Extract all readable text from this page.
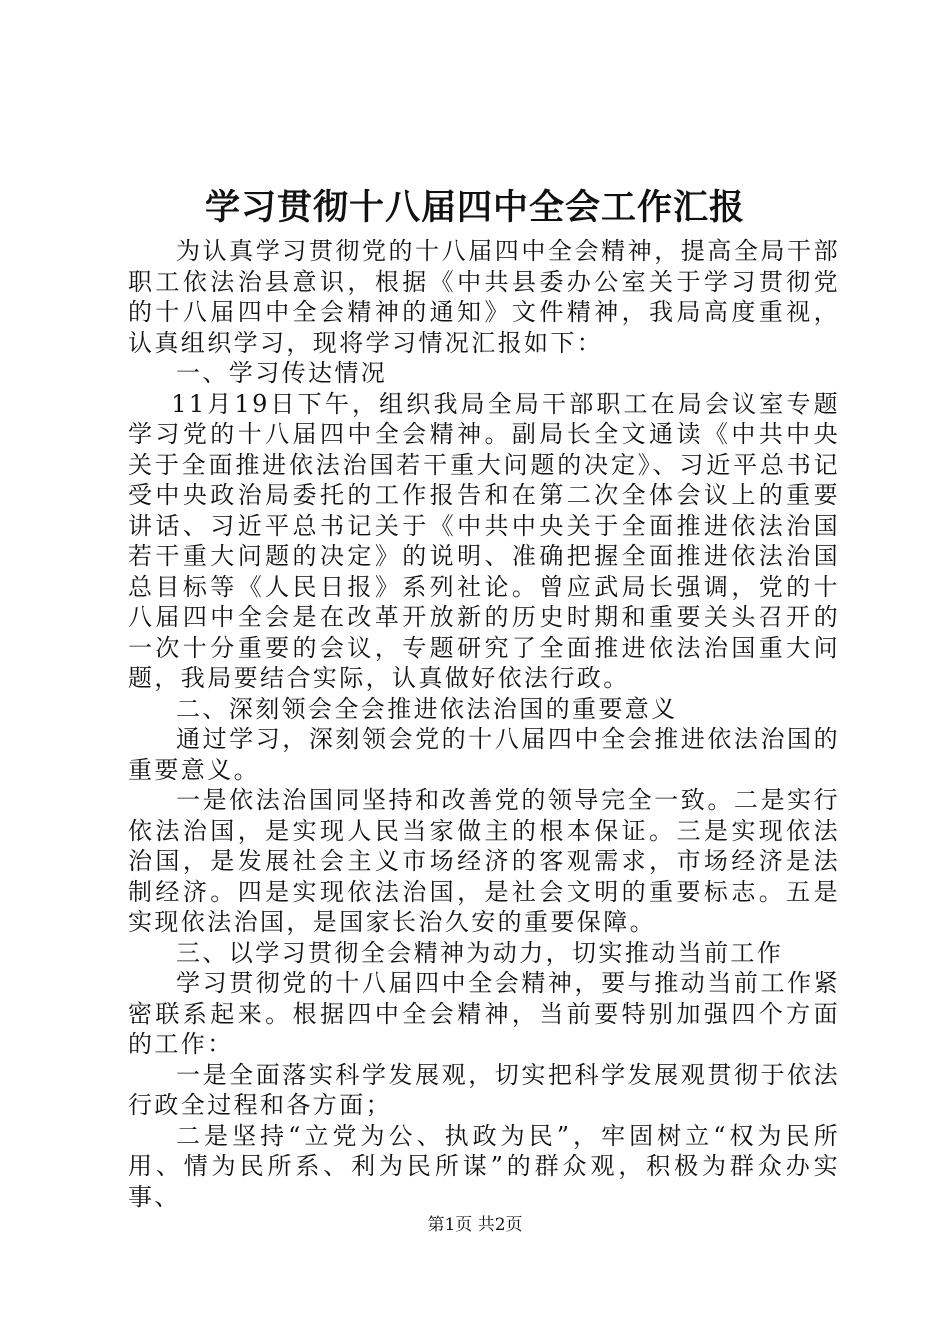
学习贯彻十八届四中全会工作汇报

为认真学习贯彻党的十八届四中全会精神，提高全局干部职工依法治县意识，根据《中共县委办公室关于学习贯彻党的十八届四中全会精神的通知》文件精神，我局高度重视，认真组织学习，现将学习情况汇报如下：

一、学习传达情况

11月19日下午，组织我局全局干部职工在局会议室专题学习党的十八届四中全会精神。副局长全文通读《中共中央关于全面推进依法治国若干重大问题的决定》、习近平总书记受中央政治局委托的工作报告和在第二次全体会议上的重要讲话、习近平总书记关于《中共中央关于全面推进依法治国若干重大问题的决定》的说明、准确把握全面推进依法治国总目标等《人民日报》系列社论。曾应武局长强调，党的十八届四中全会是在改革开放新的历史时期和重要关头召开的一次十分重要的会议，专题研究了全面推进依法治国重大问题，我局要结合实际，认真做好依法行政。

二、深刻领会全会推进依法治国的重要意义

通过学习，深刻领会党的十八届四中全会推进依法治国的重要意义。

一是依法治国同坚持和改善党的领导完全一致。二是实行依法治国，是实现人民当家做主的根本保证。三是实现依法治国，是发展社会主义市场经济的客观需求，市场经济是法制经济。四是实现依法治国，是社会文明的重要标志。五是实现依法治国，是国家长治久安的重要保障。

三、以学习贯彻全会精神为动力，切实推动当前工作

学习贯彻党的十八届四中全会精神，要与推动当前工作紧密联系起来。根据四中全会精神，当前要特别加强四个方面的工作：

一是全面落实科学发展观，切实把科学发展观贯彻于依法行政全过程和各方面；

二是坚持“立党为公、执政为民”，牢固树立“权为民所用、情为民所系、利为民所谋”的群众观，积极为群众办实事、

第1页 共2页
